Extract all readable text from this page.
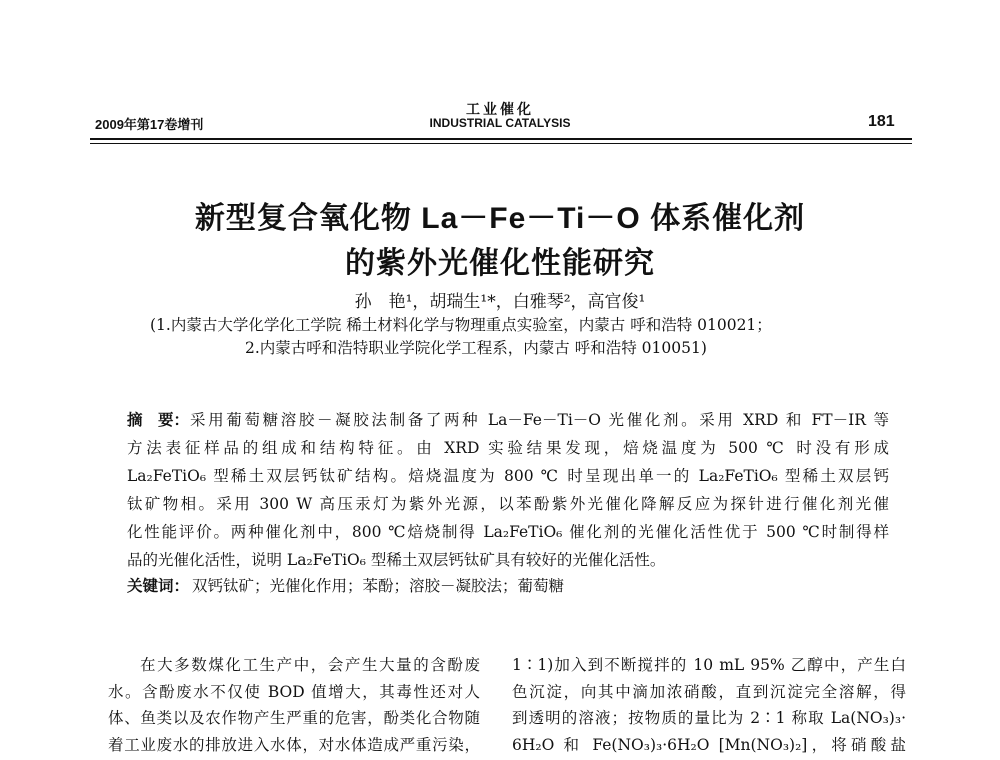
2009年第17卷增刊
工业催化
INDUSTRIAL CATALYSIS	181
新型复合氧化物 La－Fe－Ti－O 体系催化剂
的紫外光催化性能研究
孙　艳¹，胡瑞生¹*，白雅琴²，高官俊¹
(1.内蒙古大学化学化工学院 稀土材料化学与物理重点实验室，内蒙古 呼和浩特 010021；
2.内蒙古呼和浩特职业学院化学工程系，内蒙古 呼和浩特 010051)
摘　要： 采用葡萄糖溶胶－凝胶法制备了两种 La－Fe－Ti－O 光催化剂。采用 XRD 和 FT－IR 等
方法表征样品的组成和结构特征。由 XRD 实验结果发现，焙烧温度为 500 ℃ 时没有形成
La₂FeTiO₆ 型稀土双层钙钛矿结构。焙烧温度为 800 ℃ 时呈现出单一的 La₂FeTiO₆ 型稀土双层钙
钛矿物相。采用 300 W 高压汞灯为紫外光源，以苯酚紫外光催化降解反应为探针进行催化剂光催
化性能评价。两种催化剂中，800 ℃焙烧制得 La₂FeTiO₆ 催化剂的光催化活性优于 500 ℃时制得样
品的光催化活性，说明 La₂FeTiO₆ 型稀土双层钙钛矿具有较好的光催化活性。
关键词： 双钙钛矿；光催化作用；苯酚；溶胶－凝胶法；葡萄糖
在大多数煤化工生产中，会产生大量的含酚废
水。含酚废水不仅使 BOD 值增大，其毒性还对人
体、鱼类以及农作物产生严重的危害，酚类化合物随
着工业废水的排放进入水体，对水体造成严重污染，
1∶1)加入到不断搅拌的 10 mL 95% 乙醇中，产生白
色沉淀，向其中滴加浓硝酸，直到沉淀完全溶解，得
到透明的溶液；按物质的量比为 2∶1 称取 La(NO₃)₃·
6H₂O 和 Fe(NO₃)₃·6H₂O [Mn(NO₃)₂]，将硝酸盐
